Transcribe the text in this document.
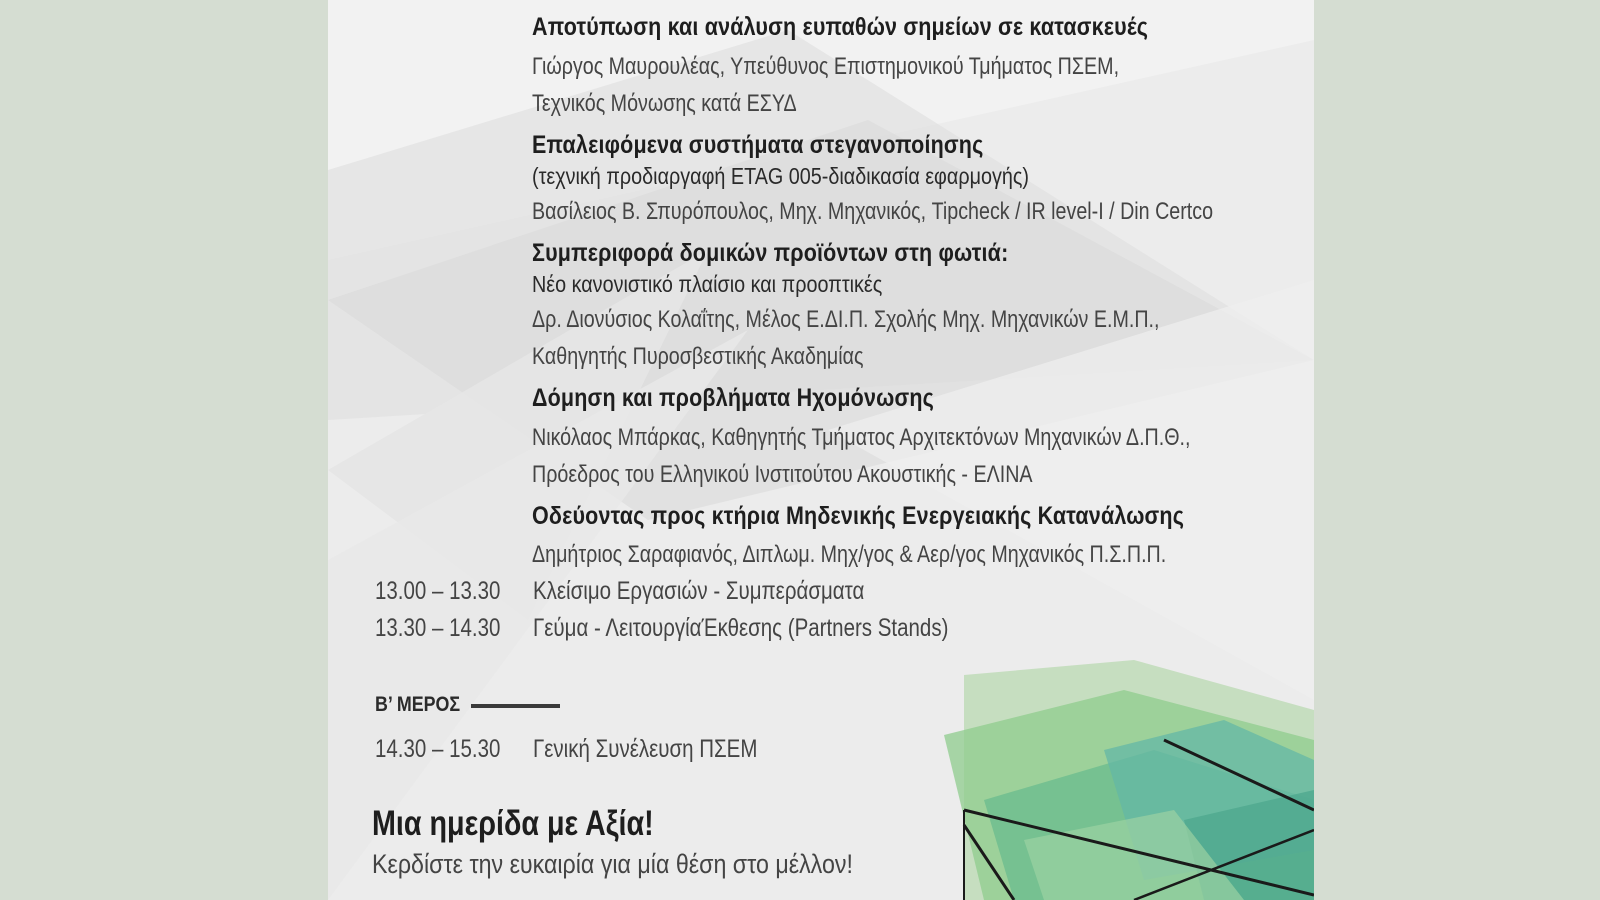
Αποτύπωση και ανάλυση ευπαθών σημείων σε κατασκευές
Γιώργος Μαυρουλέας, Υπεύθυνος Επιστημονικού Τμήματος ΠΣΕΜ,
Τεχνικός Μόνωσης κατά ΕΣΥΔ
Επαλειφόμενα συστήματα στεγανοποίησης
(τεχνική προδιαργαφή ETAG 005-διαδικασία εφαρμογής)
Βασίλειος Β. Σπυρόπουλος, Μηχ. Μηχανικός, Tipcheck / IR level-I / Din Certco
Συμπεριφορά δομικών προϊόντων στη φωτιά:
Νέο κανονιστικό πλαίσιο και προοπτικές
Δρ. Διονύσιος Κολαΐτης, Μέλος Ε.ΔΙ.Π. Σχολής Μηχ. Μηχανικών Ε.Μ.Π.,
Καθηγητής Πυροσβεστικής Ακαδημίας
Δόμηση και προβλήματα Ηχομόνωσης
Νικόλαος Μπάρκας, Καθηγητής Τμήματος Αρχιτεκτόνων Μηχανικών Δ.Π.Θ.,
Πρόεδρος του Ελληνικού Ινστιτούτου Ακουστικής - ΕΛΙΝΑ
Οδεύοντας προς κτήρια Μηδενικής Ενεργειακής Κατανάλωσης
Δημήτριος Σαραφιανός, Διπλωμ. Μηχ/γος & Αερ/γος Μηχανικός Π.Σ.Π.Π.
13.00 – 13.30 Κλείσιμο Εργασιών - Συμπεράσματα
13.30 – 14.30 Γεύμα - ΛειτουργίαΈκθεσης (Partners Stands)
Β’ ΜΕΡΟΣ
14.30 – 15.30 Γενική Συνέλευση ΠΣΕΜ
Μια ημερίδα με Αξία!
Κερδίστε την ευκαιρία για μία θέση στο μέλλον!
